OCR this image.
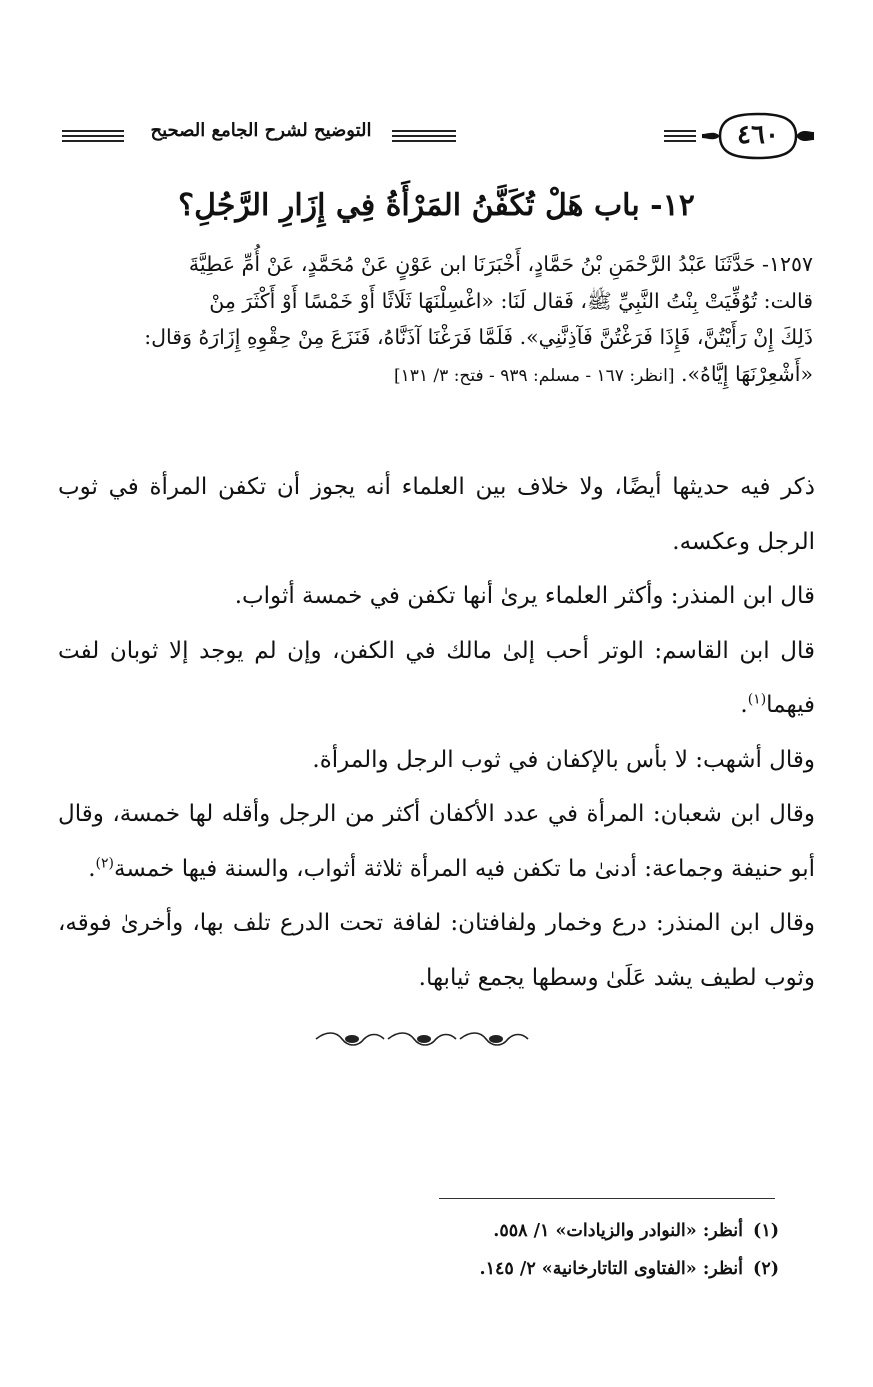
٤٦٠
التوضيح لشرح الجامع الصحيح
١٢- باب هَلْ تُكَفَّنُ المَرْأَةُ فِي إِزَارِ الرَّجُلِ؟

١٢٥٧- حَدَّثَنَا عَبْدُ الرَّحْمَنِ بْنُ حَمَّادٍ، أَخْبَرَنَا ابن عَوْنٍ عَنْ مُحَمَّدٍ، عَنْ أُمِّ عَطِيَّةَ

قالت: تُوُفِّيَتْ بِنْتُ النَّبِيِّ ﷺ، فَقال لَنَا: «اغْسِلْنَهَا ثَلَاثًا أَوْ خَمْسًا أَوْ أَكْثَرَ مِنْ

ذَلِكَ إِنْ رَأَيْتُنَّ، فَإِذَا فَرَغْتُنَّ فَآذِنَّنِي». فَلَمَّا فَرَغْنَا آذَنَّاهُ، فَنَزَعَ مِنْ حِقْوِهِ إِزَارَهُ وَقال:

«أَشْعِرْنَهَا إِيَّاهُ». [انظر: ١٦٧ - مسلم: ٩٣٩ - فتح: ٣/ ١٣١]

ذكر فيه حديثها أيضًا، ولا خلاف بين العلماء أنه يجوز أن تكفن المرأة في ثوب الرجل وعكسه.

قال ابن المنذر: وأكثر العلماء يرىٰ أنها تكفن في خمسة أثواب.

قال ابن القاسم: الوتر أحب إلىٰ مالك في الكفن، وإن لم يوجد إلا ثوبان لفت فيهما$^{(١)}$.

وقال أشهب: لا بأس بالإكفان في ثوب الرجل والمرأة.

وقال ابن شعبان: المرأة في عدد الأكفان أكثر من الرجل وأقله لها خمسة، وقال أبو حنيفة وجماعة: أدنىٰ ما تكفن فيه المرأة ثلاثة أثواب، والسنة فيها خمسة$^{(٢)}$.

وقال ابن المنذر: درع وخمار ولفافتان: لفافة تحت الدرع تلف بها، وأخرىٰ فوقه، وثوب لطيف يشد عَلَىٰ وسطها يجمع ثيابها.

(١)أنظر: «النوادر والزيادات» ١/ ٥٥٨.

(٢)أنظر: «الفتاوى التاتارخانية» ٢/ ١٤٥.
